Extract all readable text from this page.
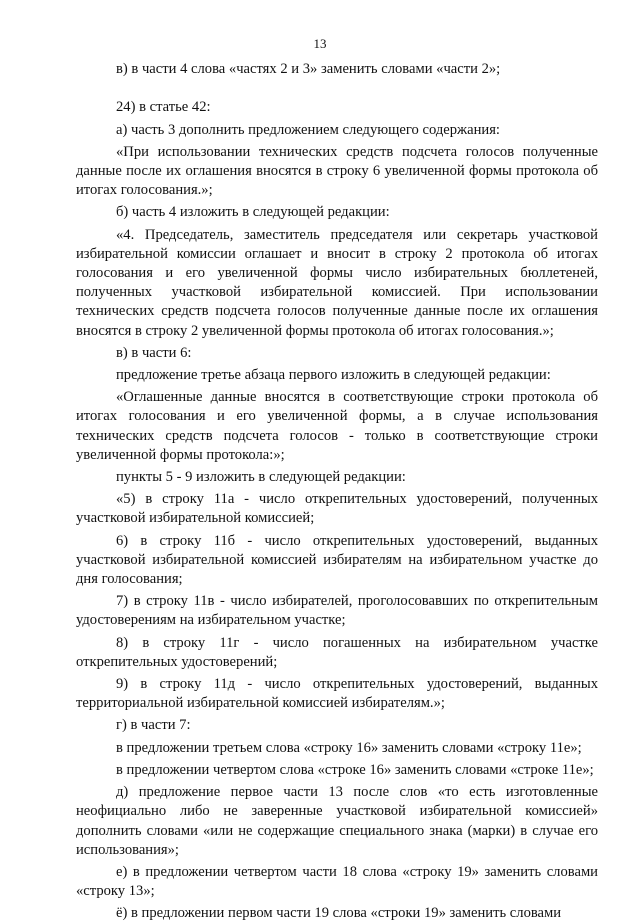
13

в) в части 4 слова «частях 2 и 3» заменить словами «части 2»;

24) в статье 42:

а) часть 3 дополнить предложением следующего содержания:

«При использовании технических средств подсчета голосов полученные данные после их оглашения вносятся в строку 6 увеличенной формы протокола об итогах голосования.»;

б) часть 4 изложить в следующей редакции:

«4. Председатель, заместитель председателя или секретарь участковой избирательной комиссии оглашает и вносит в строку 2 протокола об итогах голосования и его увеличенной формы число избирательных бюллетеней, полученных участковой избирательной комиссией. При использовании технических средств подсчета голосов полученные данные после их оглашения вносятся в строку 2 увеличенной формы протокола об итогах голосования.»;

в) в части 6:

предложение третье абзаца первого изложить в следующей редакции:

«Оглашенные данные вносятся в соответствующие строки протокола об итогах голосования и его увеличенной формы, а в случае использования технических средств подсчета голосов - только в соответствующие строки увеличенной формы протокола:»;

пункты 5 - 9 изложить в следующей редакции:

«5) в строку 11а - число открепительных удостоверений, полученных участковой избирательной комиссией;

6) в строку 11б - число открепительных удостоверений, выданных участковой избирательной комиссией избирателям на избирательном участке до дня голосования;

7) в строку 11в - число избирателей, проголосовавших по открепительным удостоверениям на избирательном участке;

8) в строку 11г - число погашенных на избирательном участке открепительных удостоверений;

9) в строку 11д - число открепительных удостоверений, выданных территориальной избирательной комиссией избирателям.»;

г) в части 7:

в предложении третьем слова «строку 16» заменить словами «строку 11е»;

в предложении четвертом слова «строке 16» заменить словами «строке 11е»;

д) предложение первое части 13 после слов «то есть изготовленные неофициально либо не заверенные участковой избирательной комиссией» дополнить словами «или не содержащие специального знака (марки) в случае его использования»;

е) в предложении четвертом части 18 слова «строку 19» заменить словами «строку 13»;

ё) в предложении первом части 19 слова «строки 19» заменить словами
